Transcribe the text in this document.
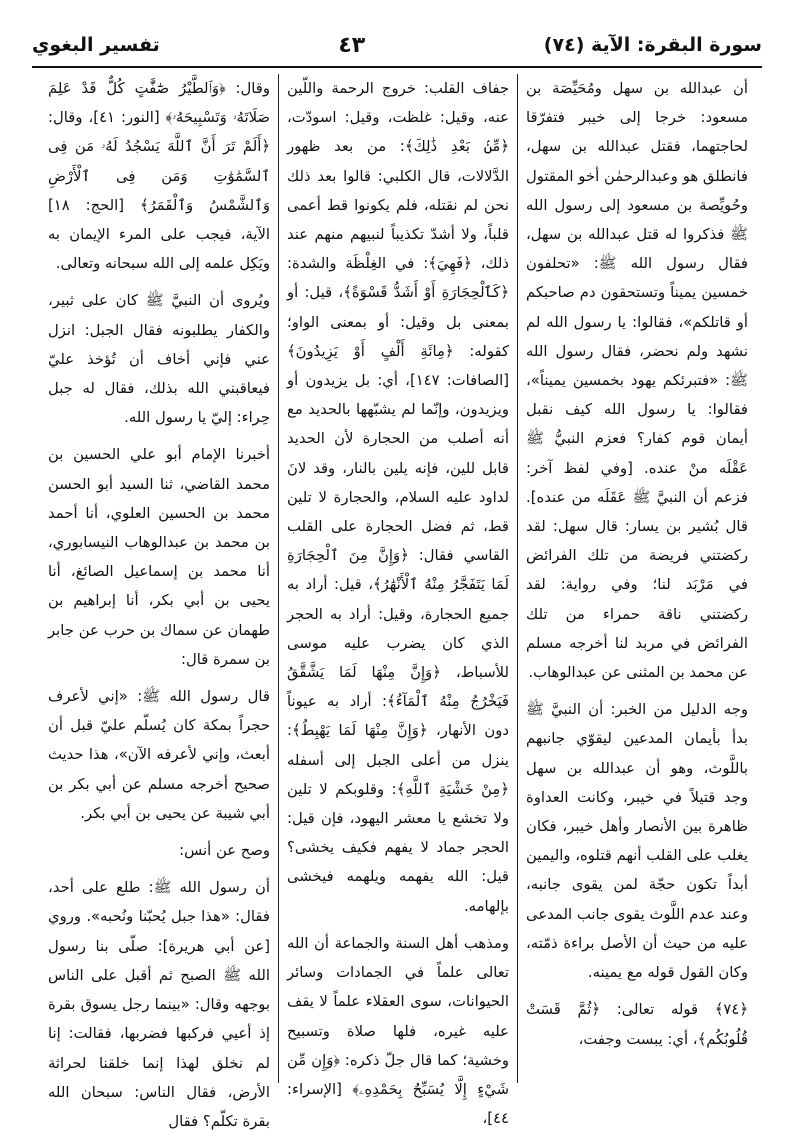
سورة البقرة: الآية (٧٤)
٤٣
تفسير البغوي

أن عبدالله بن سهل ومُحَيِّصَة بن مسعود: خرجا إلى خيبر فتفرّقا لحاجتهما، فقتل عبدالله بن سهل، فانطلق هو وعبدالرحمٰن أخو المقتول وحُويِّصة بن مسعود إلى رسول الله ﷺ فذكروا له قتل عبدالله بن سهل، فقال رسول الله ﷺ: «تحلفون خمسين يميناً وتستحقون دم صاحبكم أو قاتلكم»، فقالوا: يا رسول الله لم نشهد ولم نحضر، فقال رسول الله ﷺ: «فتبرئكم يهود بخمسين يميناً»، فقالوا: يا رسول الله كيف نقبل أيمان قوم كفار؟ فعزم النبيُّ ﷺ عَقْلَه منْ عنده. [وفي لفظ آخر: فزعم أن النبيَّ ﷺ عَقَلَه من عنده]. قال بُشير بن يسار: قال سهل: لقد ركضتني فريضة من تلك الفرائض في مَرْبَد لنا؛ وفي رواية: لقد ركضتني ناقة حمراء من تلك الفرائض في مربد لنا أخرجه مسلم عن محمد بن المثنى عن عبدالوهاب.

وجه الدليل من الخبر: أن النبيَّ ﷺ بدأ بأيمان المدعين ليقوّي جانبهم باللَّوث، وهو أن عبدالله بن سهل وجد قتيلاً في خيبر، وكانت العداوة ظاهرة بين الأنصار وأهل خيبر، فكان يغلب على القلب أنهم قتلوه، واليمين أبداً تكون حجّة لمن يقوى جانبه، وعند عدم اللَّوث يقوى جانب المدعى عليه من حيث أن الأصل براءة ذمّته، وكان القول قوله مع يمينه.

﴿٧٤﴾ قوله تعالى: ﴿ثُمَّ قَسَتْ قُلُوبُكُم﴾، أي: يبست وجفت،

جفاف القلب: خروج الرحمة واللّين عنه، وقيل: غلظت، وقيل: اسودّت، ﴿مِّنۢ بَعْدِ ذَٰلِكَ﴾: من بعد ظهور الدَّلالات، قال الكلبي: قالوا بعد ذلك نحن لم نقتله، فلم يكونوا قط أعمى قلباً، ولا أشدّ تكذيباً لنبيهم منهم عند ذلك، ﴿فَهِيَ﴾: في الغِلْظَة والشدة: ﴿كَٱلْحِجَارَةِ أَوْ أَشَدُّ قَسْوَةً﴾، قيل: أو بمعنى بل وقيل: أو بمعنى الواو؛ كقوله: ﴿مِائَةِ أَلْفٍ أَوْ يَزِيدُونَ﴾ [الصافات: ١٤٧]، أي: بل يزيدون أو ويزيدون، وإنّما لم يشبّهها بالحديد مع أنه أصلب من الحجارة لأن الحديد قابل للين، فإنه يلين بالنار، وقد لانَ لداود عليه السلام، والحجارة لا تلين قط، ثم فضل الحجارة على القلب القاسي فقال: ﴿وَإِنَّ مِنَ ٱلْحِجَارَةِ لَمَا يَتَفَجَّرُ مِنْهُ ٱلْأَنْهَٰرُ﴾، قيل: أراد به جميع الحجارة، وقيل: أراد به الحجر الذي كان يضرب عليه موسى للأسباط، ﴿وَإِنَّ مِنْهَا لَمَا يَشَّقَّقُ فَيَخْرُجُ مِنْهُ ٱلْمَآءُ﴾: أراد به عيوناً دون الأنهار، ﴿وَإِنَّ مِنْهَا لَمَا يَهْبِطُ﴾: ينزل من أعلى الجبل إلى أسفله ﴿مِنْ خَشْيَةِ ٱللَّهِ﴾: وقلوبكم لا تلين ولا تخشع يا معشر اليهود، فإن قيل: الحجر جماد لا يفهم فكيف يخشى؟ قيل: الله يفهمه ويلهمه فيخشى بإلهامه.

ومذهب أهل السنة والجماعة أن الله تعالى علماً في الجمادات وسائر الحيوانات، سوى العقلاء علماً لا يقف عليه غيره، فلها صلاة وتسبيح وخشية؛ كما قال جلّ ذكره: ﴿وَإِن مِّن شَيْءٍ إِلَّا يُسَبِّحُ بِحَمْدِهِۦ﴾ [الإسراء: ٤٤]،

وقال: ﴿وَٱلطَّيْرُ صَٰٓفَّٰتٍ كُلٌّ قَدْ عَلِمَ صَلَاتَهُۥ وَتَسْبِيحَهُۥ﴾ [النور: ٤١]، وقال: ﴿أَلَمْ تَرَ أَنَّ ٱللَّهَ يَسْجُدُ لَهُۥ مَن فِى ٱلسَّمَٰوَٰتِ وَمَن فِى ٱلْأَرْضِ وَٱلشَّمْسُ وَٱلْقَمَرُ﴾ [الحج: ١٨] الآية، فيجب على المرء الإيمان به ويَكِل علمه إلى الله سبحانه وتعالى.

ويُروى أن النبيَّ ﷺ كان على ثبير، والكفار يطلبونه فقال الجبل: انزل عني فإني أخاف أن تُؤخذ عليّ فيعاقبني الله بذلك، فقال له جبل حِراء: إليّ يا رسول الله.

أخبرنا الإمام أبو علي الحسين بن محمد القاضي، ثنا السيد أبو الحسن محمد بن الحسين العلوي، أنا أحمد بن محمد بن عبدالوهاب النيسابوري، أنا محمد بن إسماعيل الصائغ، أنا يحيى بن أبي بكر، أنا إبراهيم بن طهمان عن سماك بن حرب عن جابر بن سمرة قال:

قال رسول الله ﷺ: «إني لأعرف حجراً بمكة كان يُسلّم عليّ قبل أن أبعث، وإني لأعرفه الآن»، هذا حديث صحيح أخرجه مسلم عن أبي بكر بن أبي شيبة عن يحيى بن أبي بكر.

وصح عن أنس:

أن رسول الله ﷺ: طلع على أحد، فقال: «هذا جبل يُحبّنا ونُحبه». وروي [عن أبي هريرة]: صلّى بنا رسول الله ﷺ الصبح ثم أقبل على الناس بوجهه وقال: «بينما رجل يسوق بقرة إذ أعيي فركبها فضربها، فقالت: إنا لم نخلق لهذا إنما خلقنا لحراثة الأرض، فقال الناس: سبحان الله بقرة تكلّم؟ فقال
